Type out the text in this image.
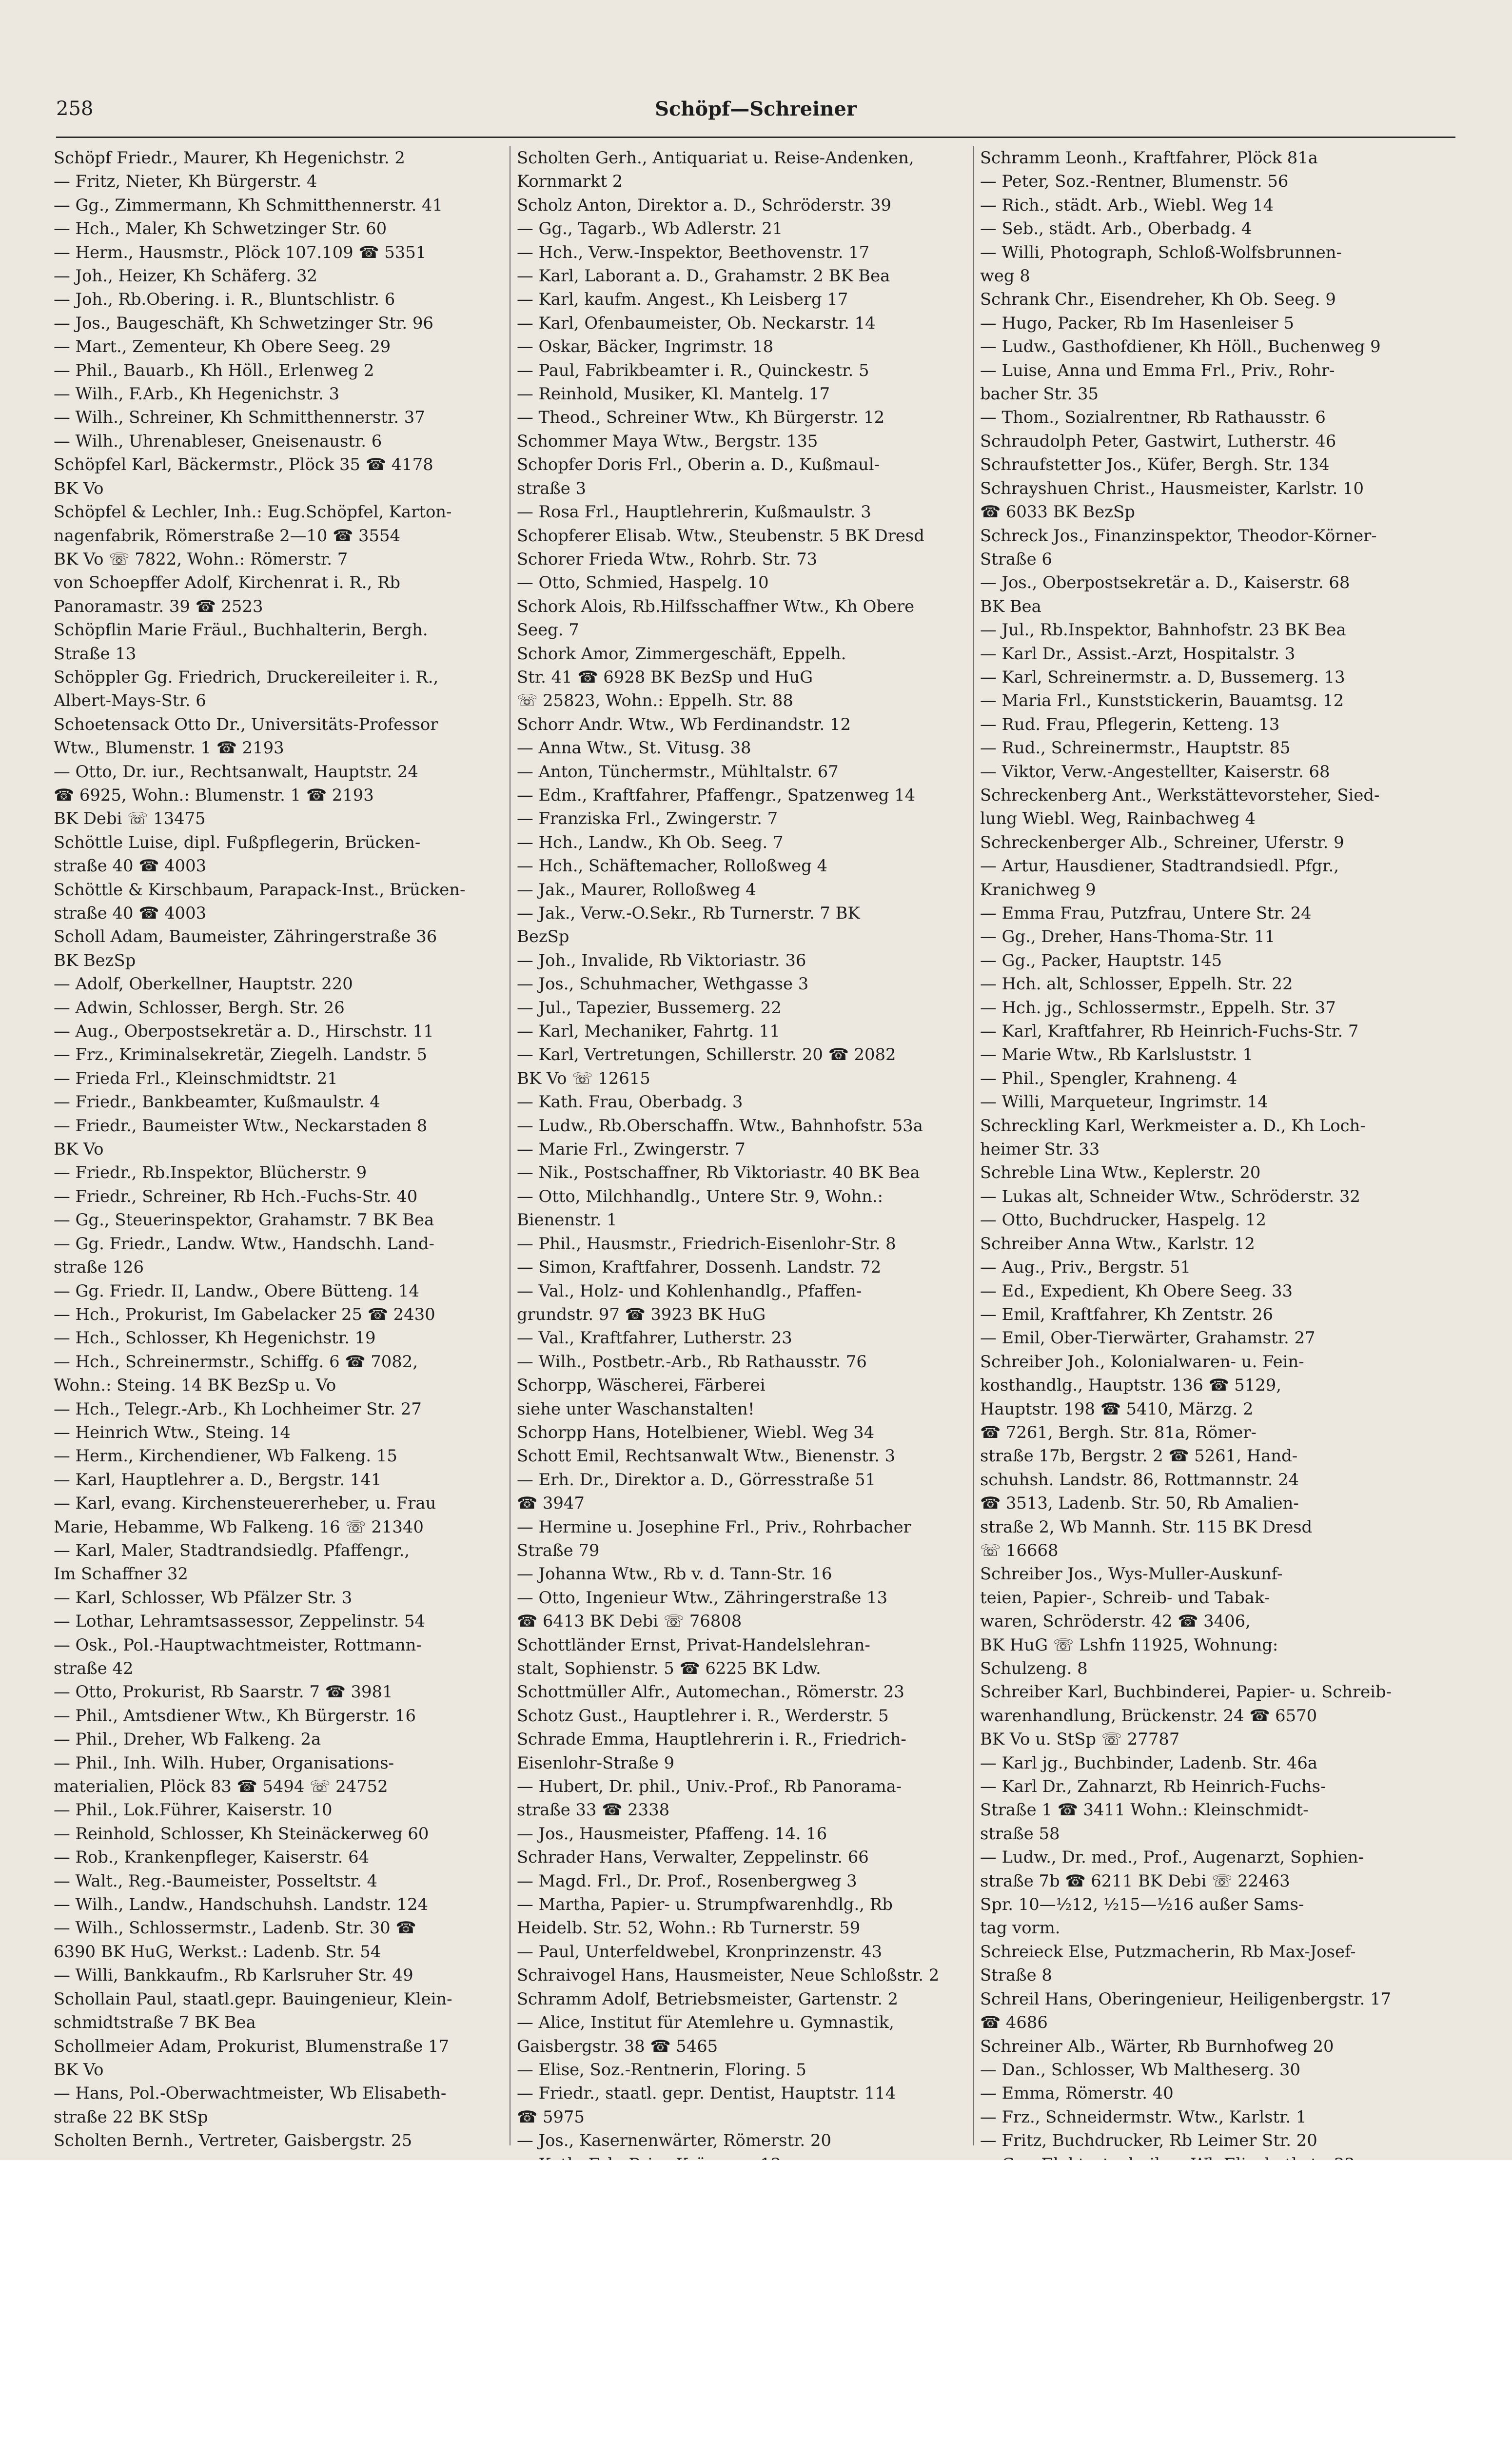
258	Schöpf—Schreiner
Schöpf Friedr., Maurer, Kh Hegenichstr. 2
— Fritz, Nieter, Kh Bürgerstr. 4
— Gg., Zimmermann, Kh Schmitthennerstr. 41
— Hch., Maler, Kh Schwetzinger Str. 60
— Herm., Hausmstr., Plöck 107.109 ☎ 5351
— Joh., Heizer, Kh Schäferg. 32
— Joh., Rb.Obering. i. R., Bluntschlistr. 6
— Jos., Baugeschäft, Kh Schwetzinger Str. 96
— Mart., Zementeur, Kh Obere Seeg. 29
— Phil., Bauarb., Kh Höll., Erlenweg 2
— Wilh., F.Arb., Kh Hegenichstr. 3
— Wilh., Schreiner, Kh Schmitthennerstr. 37
— Wilh., Uhrenableser, Gneisenaustr. 6
Schöpfel Karl, Bäckermstr., Plöck 35 ☎ 4178
BK Vo
Schöpfel & Lechler, Inh.: Eug.Schöpfel, Karton-
nagenfabrik, Römerstraße 2—10 ☎ 3554
BK Vo ☏ 7822, Wohn.: Römerstr. 7
von Schoepffer Adolf, Kirchenrat i. R., Rb
Panoramastr. 39 ☎ 2523
Schöpflin Marie Fräul., Buchhalterin, Bergh.
Straße 13
Schöppler Gg. Friedrich, Druckereileiter i. R.,
Albert-Mays-Str. 6
Schoetensack Otto Dr., Universitäts-Professor
Wtw., Blumenstr. 1 ☎ 2193
— Otto, Dr. iur., Rechtsanwalt, Hauptstr. 24
☎ 6925, Wohn.: Blumenstr. 1 ☎ 2193
BK Debi ☏ 13475
Schöttle Luise, dipl. Fußpflegerin, Brücken-
straße 40 ☎ 4003
Schöttle & Kirschbaum, Parapack-Inst., Brücken-
straße 40 ☎ 4003
Scholl Adam, Baumeister, Zähringerstraße 36
BK BezSp
— Adolf, Oberkellner, Hauptstr. 220
— Adwin, Schlosser, Bergh. Str. 26
— Aug., Oberpostsekretär a. D., Hirschstr. 11
— Frz., Kriminalsekretär, Ziegelh. Landstr. 5
— Frieda Frl., Kleinschmidtstr. 21
— Friedr., Bankbeamter, Kußmaulstr. 4
— Friedr., Baumeister Wtw., Neckarstaden 8
BK Vo
— Friedr., Rb.Inspektor, Blücherstr. 9
— Friedr., Schreiner, Rb Hch.-Fuchs-Str. 40
— Gg., Steuerinspektor, Grahamstr. 7 BK Bea
— Gg. Friedr., Landw. Wtw., Handschh. Land-
straße 126
— Gg. Friedr. II, Landw., Obere Bütteng. 14
— Hch., Prokurist, Im Gabelacker 25 ☎ 2430
— Hch., Schlosser, Kh Hegenichstr. 19
— Hch., Schreinermstr., Schiffg. 6 ☎ 7082,
Wohn.: Steing. 14 BK BezSp u. Vo
— Hch., Telegr.-Arb., Kh Lochheimer Str. 27
— Heinrich Wtw., Steing. 14
— Herm., Kirchendiener, Wb Falkeng. 15
— Karl, Hauptlehrer a. D., Bergstr. 141
— Karl, evang. Kirchensteuererheber, u. Frau
Marie, Hebamme, Wb Falkeng. 16 ☏ 21340
— Karl, Maler, Stadtrandsiedlg. Pfaffengr.,
Im Schaffner 32
— Karl, Schlosser, Wb Pfälzer Str. 3
— Lothar, Lehramtsassessor, Zeppelinstr. 54
— Osk., Pol.-Hauptwachtmeister, Rottmann-
straße 42
— Otto, Prokurist, Rb Saarstr. 7 ☎ 3981
— Phil., Amtsdiener Wtw., Kh Bürgerstr. 16
— Phil., Dreher, Wb Falkeng. 2a
— Phil., Inh. Wilh. Huber, Organisations-
materialien, Plöck 83 ☎ 5494 ☏ 24752
— Phil., Lok.Führer, Kaiserstr. 10
— Reinhold, Schlosser, Kh Steinäckerweg 60
— Rob., Krankenpfleger, Kaiserstr. 64
— Walt., Reg.-Baumeister, Posseltstr. 4
— Wilh., Landw., Handschuhsh. Landstr. 124
— Wilh., Schlossermstr., Ladenb. Str. 30 ☎
6390 BK HuG, Werkst.: Ladenb. Str. 54
— Willi, Bankkaufm., Rb Karlsruher Str. 49
Schollain Paul, staatl.gepr. Bauingenieur, Klein-
schmidtstraße 7 BK Bea
Schollmeier Adam, Prokurist, Blumenstraße 17
BK Vo
— Hans, Pol.-Oberwachtmeister, Wb Elisabeth-
straße 22 BK StSp
Scholten Bernh., Vertreter, Gaisbergstr. 25
Scholten Gerh., Antiquariat u. Reise-Andenken,
Kornmarkt 2
Scholz Anton, Direktor a. D., Schröderstr. 39
— Gg., Tagarb., Wb Adlerstr. 21
— Hch., Verw.-Inspektor, Beethovenstr. 17
— Karl, Laborant a. D., Grahamstr. 2 BK Bea
— Karl, kaufm. Angest., Kh Leisberg 17
— Karl, Ofenbaumeister, Ob. Neckarstr. 14
— Oskar, Bäcker, Ingrimstr. 18
— Paul, Fabrikbeamter i. R., Quinckestr. 5
— Reinhold, Musiker, Kl. Mantelg. 17
— Theod., Schreiner Wtw., Kh Bürgerstr. 12
Schommer Maya Wtw., Bergstr. 135
Schopfer Doris Frl., Oberin a. D., Kußmaul-
straße 3
— Rosa Frl., Hauptlehrerin, Kußmaulstr. 3
Schopferer Elisab. Wtw., Steubenstr. 5 BK Dresd
Schorer Frieda Wtw., Rohrb. Str. 73
— Otto, Schmied, Haspelg. 10
Schork Alois, Rb.Hilfsschaffner Wtw., Kh Obere
Seeg. 7
Schork Amor, Zimmergeschäft, Eppelh.
Str. 41 ☎ 6928 BK BezSp und HuG
☏ 25823, Wohn.: Eppelh. Str. 88
Schorr Andr. Wtw., Wb Ferdinandstr. 12
— Anna Wtw., St. Vitusg. 38
— Anton, Tünchermstr., Mühltalstr. 67
— Edm., Kraftfahrer, Pfaffengr., Spatzenweg 14
— Franziska Frl., Zwingerstr. 7
— Hch., Landw., Kh Ob. Seeg. 7
— Hch., Schäftemacher, Rolloßweg 4
— Jak., Maurer, Rolloßweg 4
— Jak., Verw.-O.Sekr., Rb Turnerstr. 7 BK
BezSp
— Joh., Invalide, Rb Viktoriastr. 36
— Jos., Schuhmacher, Wethgasse 3
— Jul., Tapezier, Bussemerg. 22
— Karl, Mechaniker, Fahrtg. 11
— Karl, Vertretungen, Schillerstr. 20 ☎ 2082
BK Vo ☏ 12615
— Kath. Frau, Oberbadg. 3
— Ludw., Rb.Oberschaffn. Wtw., Bahnhofstr. 53a
— Marie Frl., Zwingerstr. 7
— Nik., Postschaffner, Rb Viktoriastr. 40 BK Bea
— Otto, Milchhandlg., Untere Str. 9, Wohn.:
Bienenstr. 1
— Phil., Hausmstr., Friedrich-Eisenlohr-Str. 8
— Simon, Kraftfahrer, Dossenh. Landstr. 72
— Val., Holz- und Kohlenhandlg., Pfaffen-
grundstr. 97 ☎ 3923 BK HuG
— Val., Kraftfahrer, Lutherstr. 23
— Wilh., Postbetr.-Arb., Rb Rathausstr. 76
Schorpp, Wäscherei, Färberei
siehe unter Waschanstalten!
Schorpp Hans, Hotelbiener, Wiebl. Weg 34
Schott Emil, Rechtsanwalt Wtw., Bienenstr. 3
— Erh. Dr., Direktor a. D., Görresstraße 51
☎ 3947
— Hermine u. Josephine Frl., Priv., Rohrbacher
Straße 79
— Johanna Wtw., Rb v. d. Tann-Str. 16
— Otto, Ingenieur Wtw., Zähringerstraße 13
☎ 6413 BK Debi ☏ 76808
Schottländer Ernst, Privat-Handelslehran-
stalt, Sophienstr. 5 ☎ 6225 BK Ldw.
Schottmüller Alfr., Automechan., Römerstr. 23
Schotz Gust., Hauptlehrer i. R., Werderstr. 5
Schrade Emma, Hauptlehrerin i. R., Friedrich-
Eisenlohr-Straße 9
— Hubert, Dr. phil., Univ.-Prof., Rb Panorama-
straße 33 ☎ 2338
— Jos., Hausmeister, Pfaffeng. 14. 16
Schrader Hans, Verwalter, Zeppelinstr. 66
— Magd. Frl., Dr. Prof., Rosenbergweg 3
— Martha, Papier- u. Strumpfwarenhdlg., Rb
Heidelb. Str. 52, Wohn.: Rb Turnerstr. 59
— Paul, Unterfeldwebel, Kronprinzenstr. 43
Schraivogel Hans, Hausmeister, Neue Schloßstr. 2
Schramm Adolf, Betriebsmeister, Gartenstr. 2
— Alice, Institut für Atemlehre u. Gymnastik,
Gaisbergstr. 38 ☎ 5465
— Elise, Soz.-Rentnerin, Floring. 5
— Friedr., staatl. gepr. Dentist, Hauptstr. 114
☎ 5975
— Jos., Kasernenwärter, Römerstr. 20
Schramm Leonh., Kraftfahrer, Plöck 81a
— Peter, Soz.-Rentner, Blumenstr. 56
— Rich., städt. Arb., Wiebl. Weg 14
— Seb., städt. Arb., Oberbadg. 4
— Willi, Photograph, Schloß-Wolfsbrunnen-
weg 8
Schrank Chr., Eisendreher, Kh Ob. Seeg. 9
— Hugo, Packer, Rb Im Hasenleiser 5
— Ludw., Gasthofdiener, Kh Höll., Buchenweg 9
— Luise, Anna und Emma Frl., Priv., Rohr-
bacher Str. 35
— Thom., Sozialrentner, Rb Rathausstr. 6
Schraudolph Peter, Gastwirt, Lutherstr. 46
Schraufstetter Jos., Küfer, Bergh. Str. 134
Schrayshuen Christ., Hausmeister, Karlstr. 10
☎ 6033 BK BezSp
Schreck Jos., Finanzinspektor, Theodor-Körner-
Straße 6
— Jos., Oberpostsekretär a. D., Kaiserstr. 68
BK Bea
— Jul., Rb.Inspektor, Bahnhofstr. 23 BK Bea
— Karl Dr., Assist.-Arzt, Hospitalstr. 3
— Karl, Schreinermstr. a. D, Bussemerg. 13
— Maria Frl., Kunststickerin, Bauamtsg. 12
— Rud. Frau, Pflegerin, Ketteng. 13
— Rud., Schreinermstr., Hauptstr. 85
— Viktor, Verw.-Angestellter, Kaiserstr. 68
Schreckenberg Ant., Werkstättevorsteher, Sied-
lung Wiebl. Weg, Rainbachweg 4
Schreckenberger Alb., Schreiner, Uferstr. 9
— Artur, Hausdiener, Stadtrandsiedl. Pfgr.,
Kranichweg 9
— Emma Frau, Putzfrau, Untere Str. 24
— Gg., Dreher, Hans-Thoma-Str. 11
— Gg., Packer, Hauptstr. 145
— Hch. alt, Schlosser, Eppelh. Str. 22
— Hch. jg., Schlossermstr., Eppelh. Str. 37
— Karl, Kraftfahrer, Rb Heinrich-Fuchs-Str. 7
— Marie Wtw., Rb Karlsluststr. 1
— Phil., Spengler, Krahneng. 4
— Willi, Marqueteur, Ingrimstr. 14
Schreckling Karl, Werkmeister a. D., Kh Loch-
heimer Str. 33
Schreble Lina Wtw., Keplerstr. 20
— Lukas alt, Schneider Wtw., Schröderstr. 32
— Otto, Buchdrucker, Haspelg. 12
Schreiber Anna Wtw., Karlstr. 12
— Aug., Priv., Bergstr. 51
— Ed., Expedient, Kh Obere Seeg. 33
— Emil, Kraftfahrer, Kh Zentstr. 26
— Emil, Ober-Tierwärter, Grahamstr. 27
Schreiber Joh., Kolonialwaren- u. Fein-
kosthandlg., Hauptstr. 136 ☎ 5129,
Hauptstr. 198 ☎ 5410, Märzg. 2
☎ 7261, Bergh. Str. 81a, Römer-
straße 17b, Bergstr. 2 ☎ 5261, Hand-
schuhsh. Landstr. 86, Rottmannstr. 24
☎ 3513, Ladenb. Str. 50, Rb Amalien-
straße 2, Wb Mannh. Str. 115 BK Dresd
☏ 16668
Schreiber Jos., Wys-Muller-Auskunf-
teien, Papier-, Schreib- und Tabak-
waren, Schröderstr. 42 ☎ 3406,
BK HuG ☏ Lshfn 11925, Wohnung:
Schulzeng. 8
Schreiber Karl, Buchbinderei, Papier- u. Schreib-
warenhandlung, Brückenstr. 24 ☎ 6570
BK Vo u. StSp ☏ 27787
— Karl jg., Buchbinder, Ladenb. Str. 46a
— Karl Dr., Zahnarzt, Rb Heinrich-Fuchs-
Straße 1 ☎ 3411 Wohn.: Kleinschmidt-
straße 58
— Ludw., Dr. med., Prof., Augenarzt, Sophien-
straße 7b ☎ 6211 BK Debi ☏ 22463
Spr. 10—½12, ½15—½16 außer Sams-
tag vorm.
Schreieck Else, Putzmacherin, Rb Max-Josef-
Straße 8
Schreil Hans, Oberingenieur, Heiligenbergstr. 17
☎ 4686
Schreiner Alb., Wärter, Rb Burnhofweg 20
— Dan., Schlosser, Wb Maltheserg. 30
— Emma, Römerstr. 40
— Frz., Schneidermstr. Wtw., Karlstr. 1
— Fritz, Buchdrucker, Rb Leimer Str. 20
